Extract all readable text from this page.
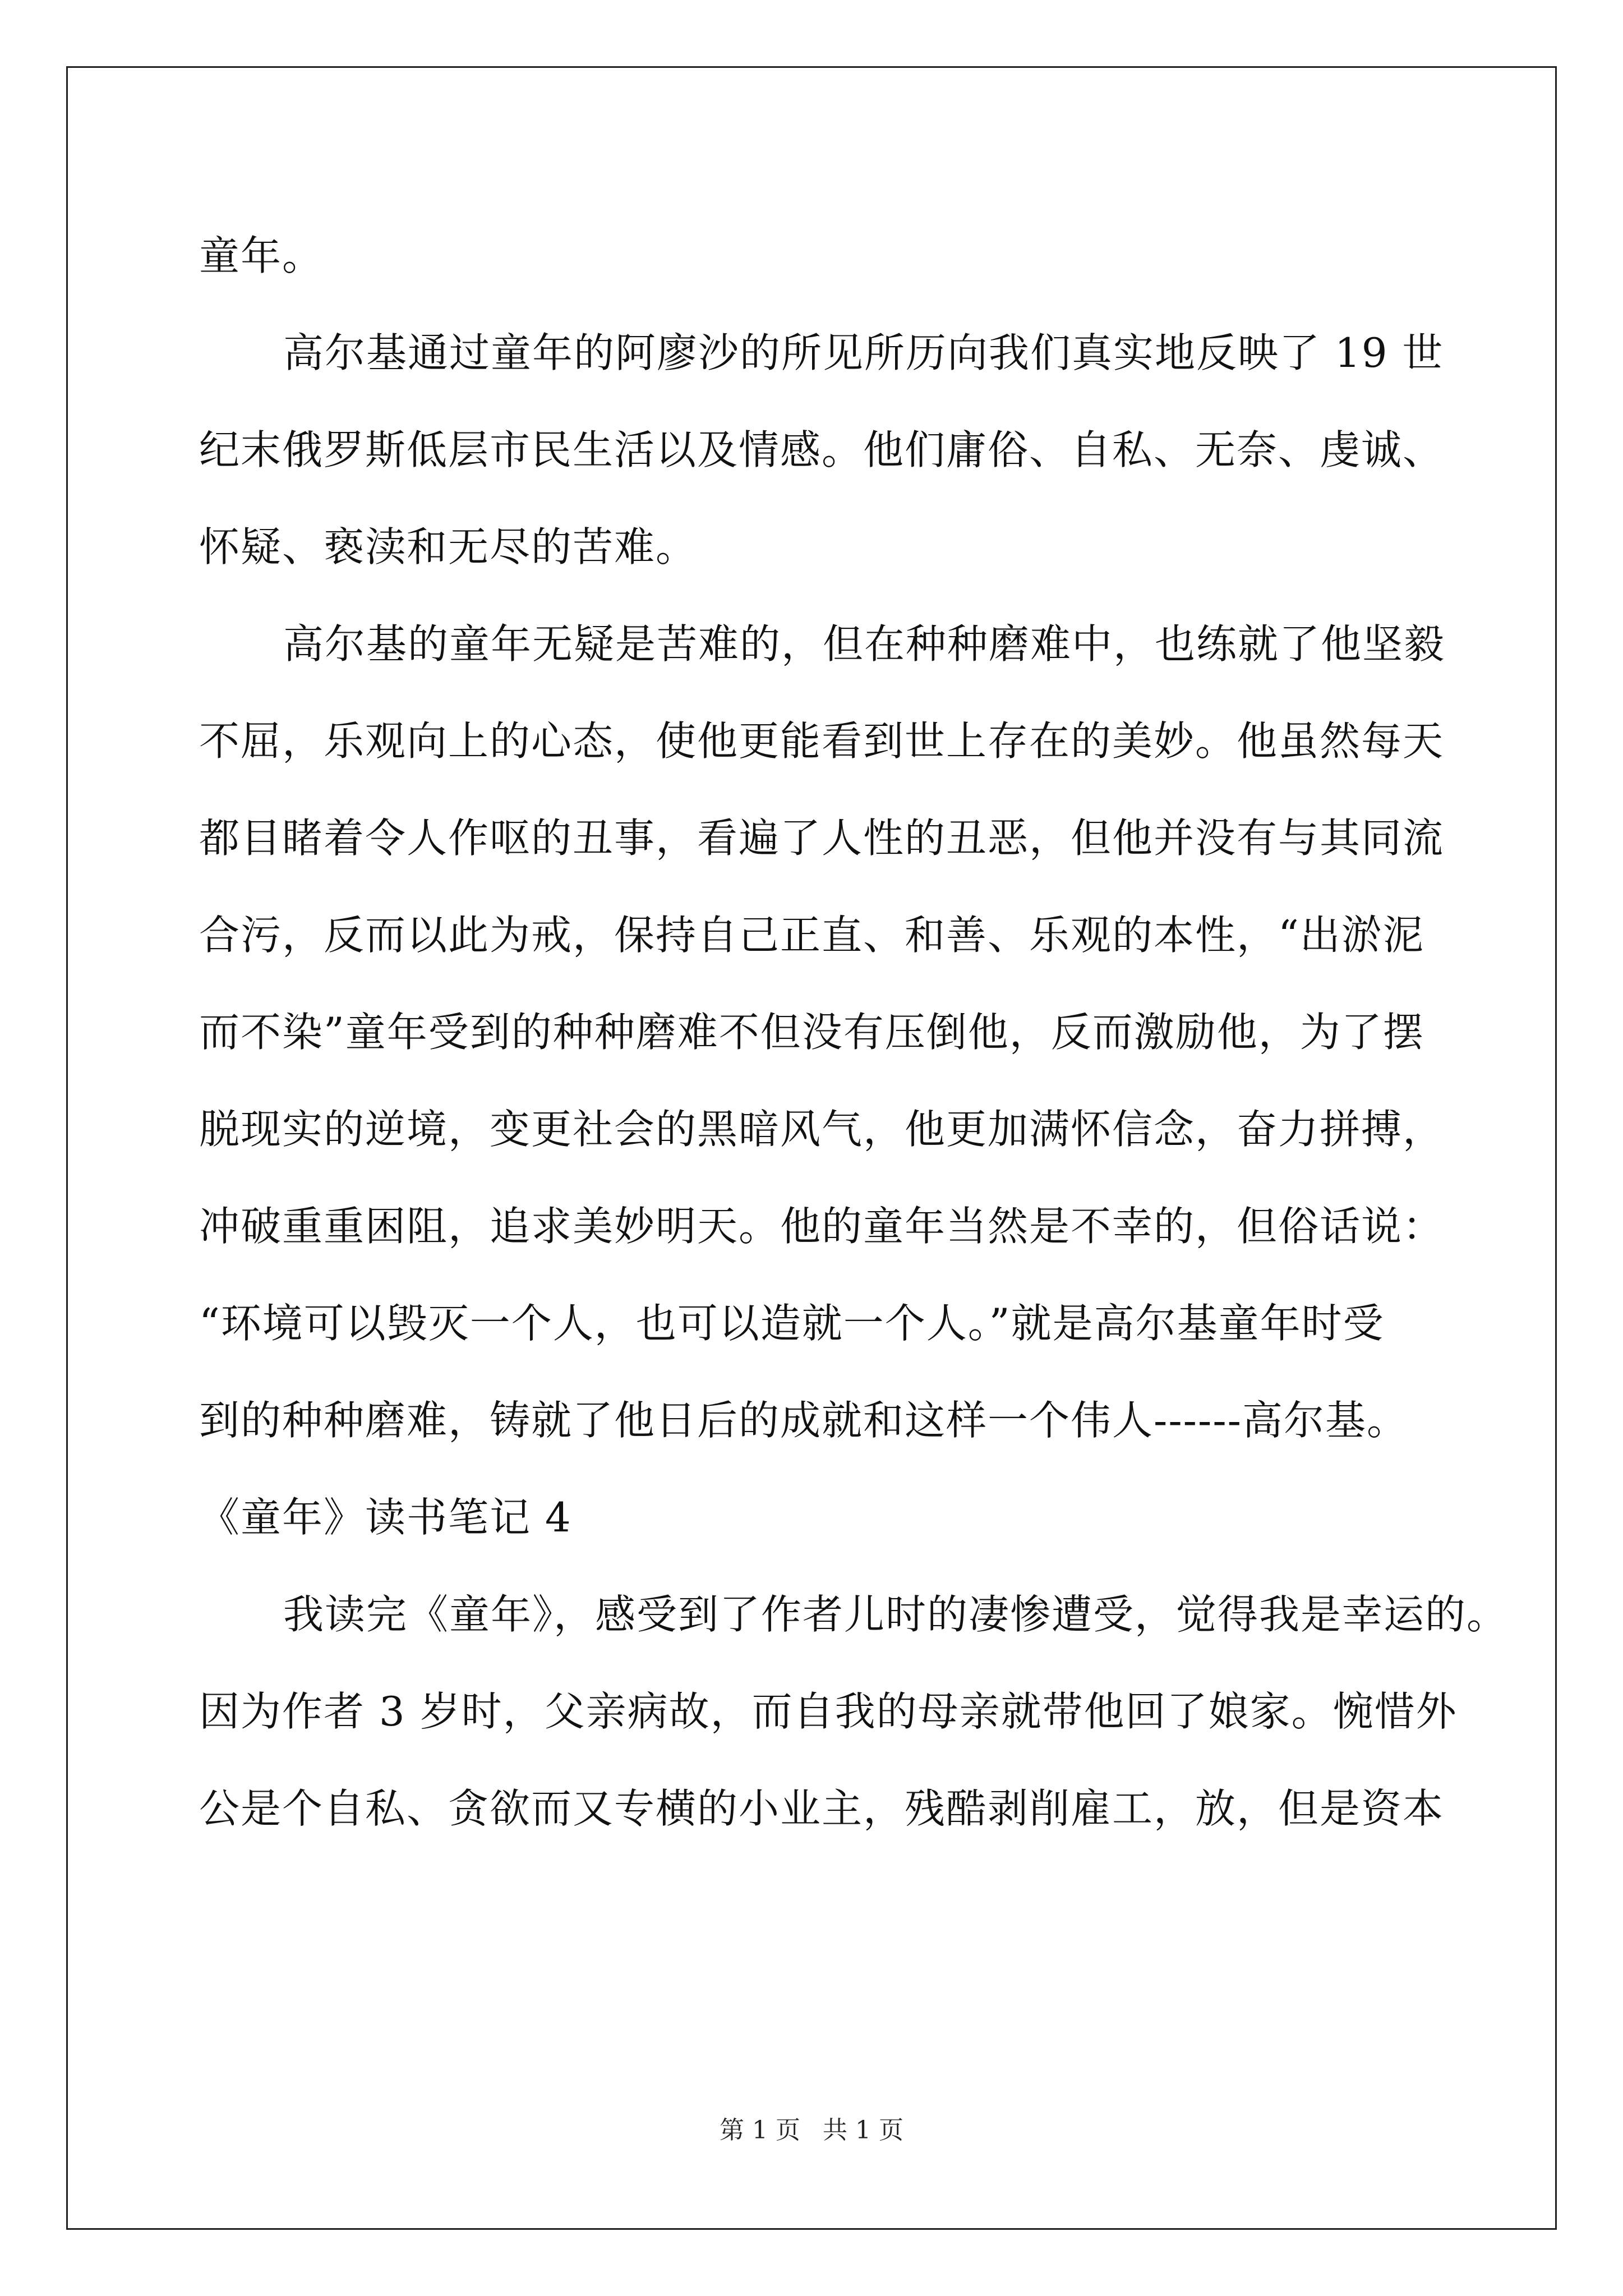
童年。
高尔基通过童年的阿廖沙的所见所历向我们真实地反映了 19 世
纪末俄罗斯低层市民生活以及情感。他们庸俗、自私、无奈、虔诚、
怀疑、亵渎和无尽的苦难。
高尔基的童年无疑是苦难的，但在种种磨难中，也练就了他坚毅
不屈，乐观向上的心态，使他更能看到世上存在的美妙。他虽然每天
都目睹着令人作呕的丑事，看遍了人性的丑恶，但他并没有与其同流
合污，反而以此为戒，保持自己正直、和善、乐观的本性，“出淤泥
而不染”童年受到的种种磨难不但没有压倒他，反而激励他，为了摆
脱现实的逆境，变更社会的黑暗风气，他更加满怀信念，奋力拼搏，
冲破重重困阻，追求美妙明天。他的童年当然是不幸的，但俗话说：
“环境可以毁灭一个人，也可以造就一个人。”就是高尔基童年时受
到的种种磨难，铸就了他日后的成就和这样一个伟人------高尔基。
《童年》读书笔记 4
我读完《童年》，感受到了作者儿时的凄惨遭受，觉得我是幸运的。
因为作者 3 岁时，父亲病故，而自我的母亲就带他回了娘家。惋惜外
公是个自私、贪欲而又专横的小业主，残酷剥削雇工，放，但是资本
第 1 页 共 1 页
